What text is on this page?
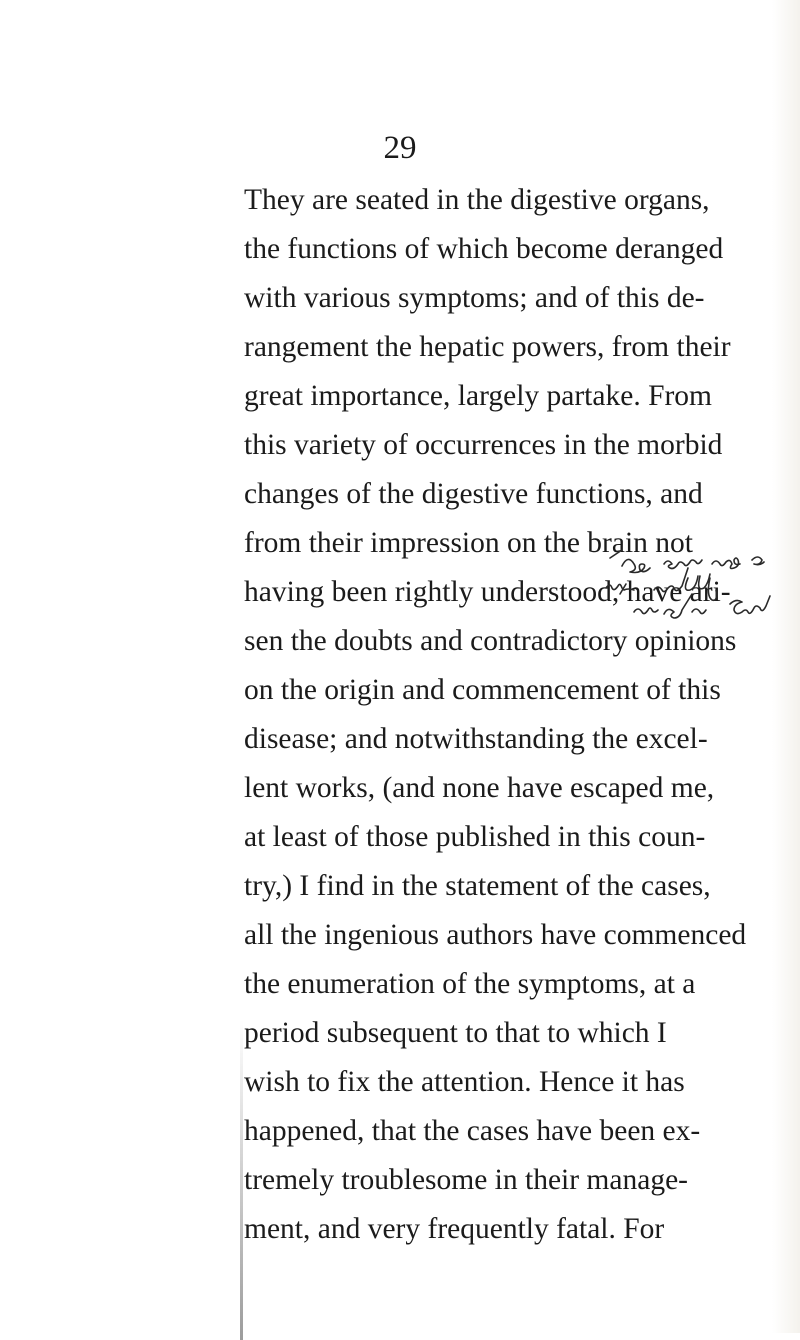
29
They are seated in the digestive organs,
the functions of which become deranged
with various symptoms; and of this de-
rangement the hepatic powers, from their
great importance, largely partake. From
this variety of occurrences in the morbid
changes of the digestive functions, and
from their impression on the brain not
having been rightly understood, have ari-
sen the doubts and contradictory opinions
on the origin and commencement of this
disease; and notwithstanding the excel-
lent works, (and none have escaped me,
at least of those published in this coun-
try,) I find in the statement of the cases,
all the ingenious authors have commenced
the enumeration of the symptoms, at a
period subsequent to that to which I
wish to fix the attention. Hence it has
happened, that the cases have been ex-
tremely troublesome in their manage-
ment, and very frequently fatal. For
